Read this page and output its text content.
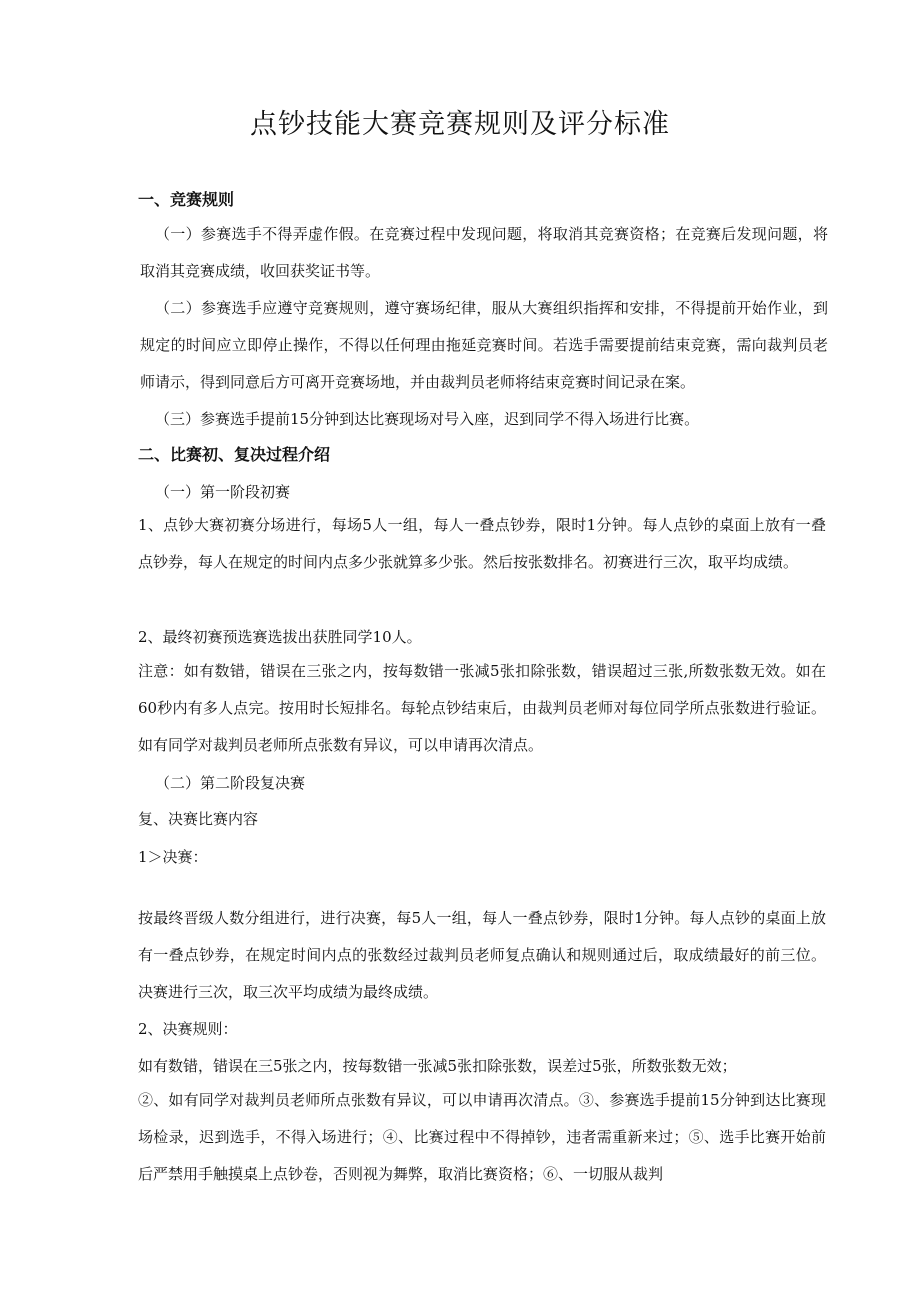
点钞技能大赛竞赛规则及评分标准
一、竞赛规则
（一）参赛选手不得弄虚作假。在竞赛过程中发现问题，将取消其竞赛资格；在竞赛后发现问题，将取消其竞赛成绩，收回获奖证书等。
（二）参赛选手应遵守竞赛规则，遵守赛场纪律，服从大赛组织指挥和安排，不得提前开始作业，到规定的时间应立即停止操作，不得以任何理由拖延竞赛时间。若选手需要提前结束竞赛，需向裁判员老师请示，得到同意后方可离开竞赛场地，并由裁判员老师将结束竞赛时间记录在案。
（三）参赛选手提前15分钟到达比赛现场对号入座，迟到同学不得入场进行比赛。
二、比赛初、复决过程介绍
（一）第一阶段初赛
1、点钞大赛初赛分场进行，每场5人一组，每人一叠点钞券，限时1分钟。每人点钞的桌面上放有一叠点钞券，每人在规定的时间内点多少张就算多少张。然后按张数排名。初赛进行三次，取平均成绩。
2、最终初赛预选赛选拔出获胜同学10人。
注意：如有数错，错误在三张之内，按每数错一张减5张扣除张数，错误超过三张,所数张数无效。如在60秒内有多人点完。按用时长短排名。每轮点钞结束后，由裁判员老师对每位同学所点张数进行验证。如有同学对裁判员老师所点张数有异议，可以申请再次清点。
（二）第二阶段复决赛
复、决赛比赛内容
1＞决赛：
按最终晋级人数分组进行，进行决赛，每5人一组，每人一叠点钞券，限时1分钟。每人点钞的桌面上放有一叠点钞券，在规定时间内点的张数经过裁判员老师复点确认和规则通过后，取成绩最好的前三位。决赛进行三次，取三次平均成绩为最终成绩。
2、决赛规则：
如有数错，错误在三5张之内，按每数错一张减5张扣除张数，误差过5张，所数张数无效；
②、如有同学对裁判员老师所点张数有异议，可以申请再次清点。③、参赛选手提前15分钟到达比赛现场检录，迟到选手，不得入场进行；④、比赛过程中不得掉钞，违者需重新来过；⑤、选手比赛开始前后严禁用手触摸桌上点钞卷，否则视为舞弊，取消比赛资格；⑥、一切服从裁判
